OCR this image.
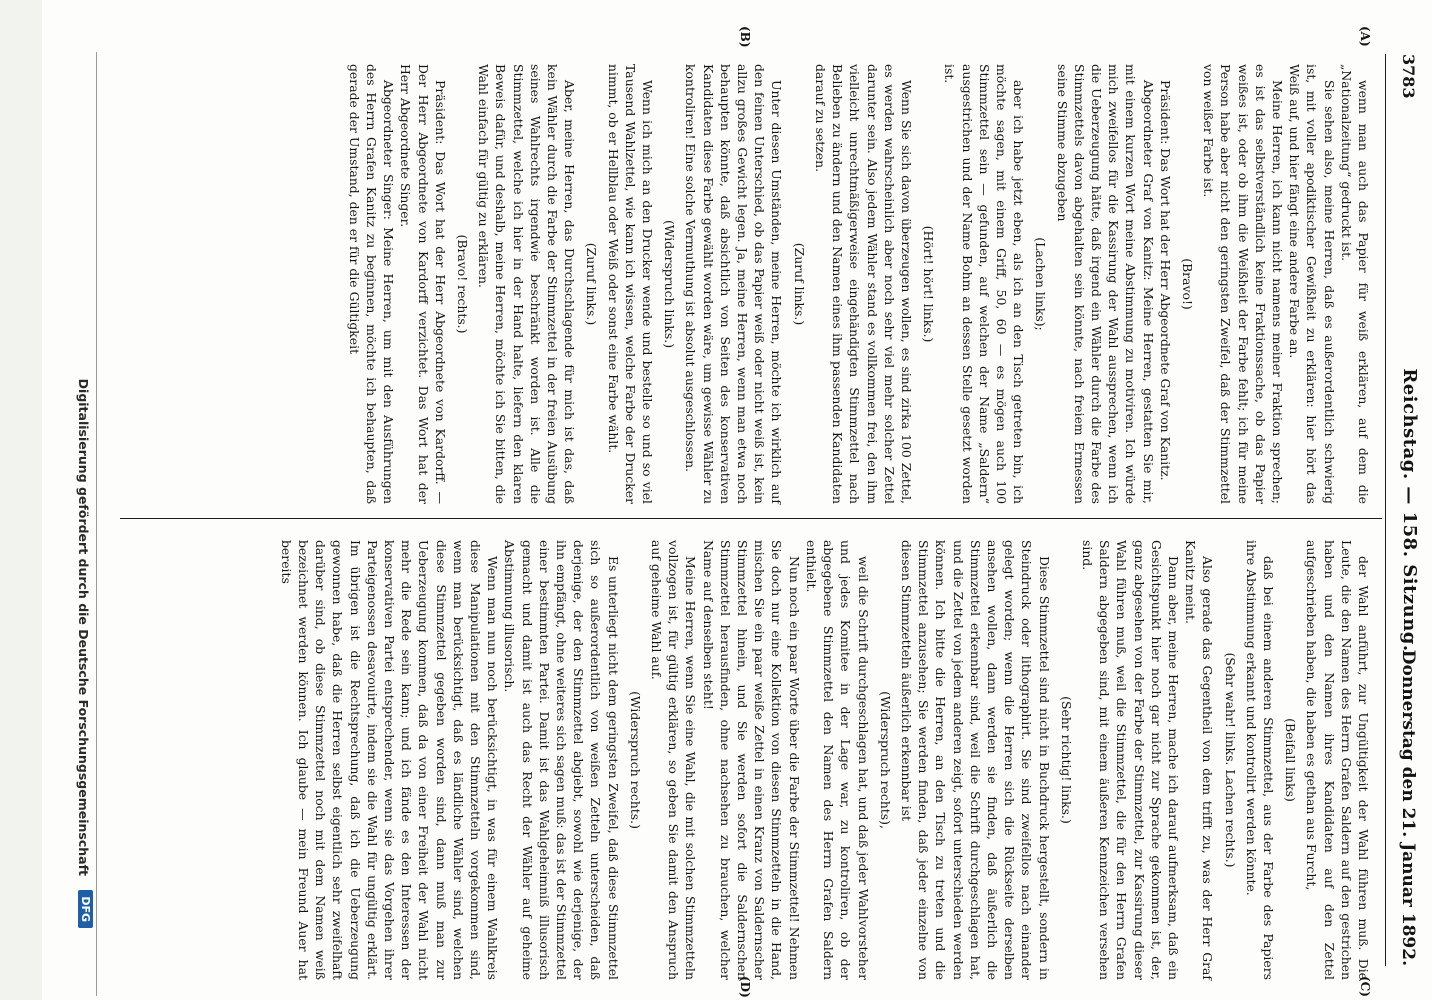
3783
Reichstag. — 158. Sitzung.
Donnerstag den 21. Januar 1892.
(A)
(B)
(C)
(D)

wenn man auch das Papier für weiß erklären, auf dem die „Nationalzeitung“ gedruckt ist.

Sie sehen also, meine Herren, daß es außerordentlich schwierig ist, mit voller apodiktischer Gewißheit zu erklären: hier hört das Weiß auf, und hier fängt eine andere Farbe an.

Meine Herren, ich kann nicht namens meiner Fraktion sprechen; es ist das selbstverständlich keine Fraktionssache, ob das Papier weißes ist, oder ob ihm die Weißheit der Farbe fehlt; ich für meine Person habe aber nicht den geringsten Zweifel, daß der Stimmzettel von weißer Farbe ist.

(Bravo!)

Präsident: Das Wort hat der Herr Abgeordnete Graf von Kanitz.

Abgeordneter Graf von Kanitz: Meine Herren, gestatten Sie mir, mit einem kurzen Wort meine Abstimmung zu motiviren. Ich würde mich zweifellos für die Kassirung der Wahl aussprechen, wenn ich die Ueberzeugung hätte, daß irgend ein Wähler durch die Farbe des Stimmzettels davon abgehalten sein könnte, nach freiem Ermessen seine Stimme abzugeben

(Lachen links);

aber ich habe jetzt eben, als ich an den Tisch getreten bin, ich möchte sagen, mit einem Griff, 50, 60 — es mögen auch 100 Stimmzettel sein — gefunden, auf welchen der Name „Saldern“ ausgestrichen und der Name Bohm an dessen Stelle gesetzt worden ist.

(Hört! hört! links.)

Wenn Sie sich davon überzeugen wollen, es sind zirka 100 Zettel, es werden wahrscheinlich aber noch sehr viel mehr solcher Zettel darunter sein. Also jedem Wähler stand es vollkommen frei, den ihm vielleicht unrechtmäßigerweise eingehändigten Stimmzettel nach Belieben zu ändern und den Namen eines ihm passenden Kandidaten darauf zu setzen.

(Zuruf links.)

Unter diesen Umständen, meine Herren, möchte ich wirklich auf den feinen Unterschied, ob das Papier weiß oder nicht weiß ist, kein allzu großes Gewicht legen. Ja, meine Herren, wenn man etwa noch behaupten könnte, daß absichtlich von Seiten des konservativen Kandidaten diese Farbe gewählt worden wäre, um gewisse Wähler zu kontroliren! Eine solche Vermuthung ist absolut ausgeschlossen.

(Widerspruch links.)

Wenn ich mich an den Drucker wende und bestelle so und so viel Tausend Wahlzettel, wie kann ich wissen, welche Farbe der Drucker nimmt, ob er Hellblau oder Weiß oder sonst eine Farbe wählt.

(Zuruf links.)

Aber, meine Herren, das Durchschlagende für mich ist das, daß kein Wähler durch die Farbe der Stimmzettel in der freien Ausübung seines Wahlrechts irgendwie beschränkt worden ist. Alle die Stimmzettel, welche ich hier in der Hand halte, liefern den klaren Beweis dafür, und deshalb, meine Herren, möchte ich Sie bitten, die Wahl einfach für gültig zu erklären.

(Bravo! rechts.)

Präsident: Das Wort hat der Herr Abgeordnete von Kardorff. — Der Herr Abgeordnete von Kardorff verzichtet. Das Wort hat der Herr Abgeordnete Singer.

Abgeordneter Singer: Meine Herren, um mit den Ausführungen des Herrn Grafen Kanitz zu beginnen, möchte ich behaupten, daß gerade der Umstand, den er für die Gültigkeit

der Wahl anführt, zur Ungültigkeit der Wahl führen muß. Die Leute, die den Namen des Herrn Grafen Saldern auf den gestrichen haben und den Namen ihres Kandidaten auf den Zettel aufgeschrieben haben, die haben es gethan aus Furcht,

(Beifall links)

daß bei einem anderen Stimmzettel, aus der Farbe des Papiers ihre Abstimmung erkannt und kontrolirt werden könnte.

(Sehr wahr! links. Lachen rechts.)

Also gerade das Gegentheil von dem trifft zu, was der Herr Graf Kanitz meint.

Dann aber, meine Herren, mache ich darauf aufmerksam, daß ein Gesichtspunkt hier noch gar nicht zur Sprache gekommen ist, der, ganz abgesehen von der Farbe der Stimmzettel, zur Kassirung dieser Wahl führen muß, weil die Stimmzettel, die für den Herrn Grafen Saldern abgegeben sind, mit einem äußeren Kennzeichen versehen sind.

(Sehr richtig! links.)

Diese Stimmzettel sind nicht in Buchdruck hergestellt, sondern in Steindruck oder lithographirt. Sie sind zweifellos nach einander gelegt worden; wenn die Herren sich die Rückseite derselben ansehen wollen, dann werden sie finden, daß äußerlich die Stimmzettel erkennbar sind, weil die Schrift durchgeschlagen hat, und die Zettel von jedem anderen zeigt, sofort unterschieden werden können. Ich bitte die Herren, an den Tisch zu treten und die Stimmzettel anzusehen; Sie werden finden, daß jeder einzelne von diesen Stimmzetteln äußerlich erkennbar ist

(Widerspruch rechts),

weil die Schrift durchgeschlagen hat, und daß jeder Wahlvorsteher und jedes Komitee in der Lage war, zu kontroliren, ob der abgegebene Stimmzettel den Namen des Herrn Grafen Saldern enthielt.

Nun noch ein paar Worte über die Farbe der Stimmzettel! Nehmen Sie doch nur eine Kollektion von diesen Stimmzetteln in die Hand, mischen Sie ein paar weiße Zettel in einen Kranz von Saldernscher Stimmzettel hinein, und Sie werden sofort die Saldernschen Stimmzettel herausfinden, ohne nachsehen zu brauchen, welcher Name auf denselben steht!

Meine Herren, wenn Sie eine Wahl, die mit solchen Stimmzetteln vollzogen ist, für gültig erklären, so geben Sie damit den Anspruch auf geheime Wahl auf.

(Widerspruch rechts.)

Es unterliegt nicht dem geringsten Zweifel, daß diese Stimmzettel sich so außerordentlich von weißen Zetteln unterscheiden, daß derjenige, der den Stimmzettel abgiebt, sowohl wie derjenige, der ihn empfängt, ohne weiteres sich sagen muß: das ist der Stimmzettel einer bestimmten Partei. Damit ist das Wahlgeheimniß illusorisch gemacht und damit ist auch das Recht der Wähler auf geheime Abstimmung illusorisch.

Wenn man nun noch berücksichtigt, in was für einem Wahlkreis diese Manipulationen mit den Stimmzetteln vorgekommen sind, wenn man berücksichtigt, daß es ländliche Wähler sind, welchen diese Stimmzettel gegeben worden sind, dann muß man zur Ueberzeugung kommen, daß da von einer Freiheit der Wahl nicht mehr die Rede sein kann; und ich fände es den Interessen der konservativen Partei entsprechender, wenn sie das Vorgehen ihrer Parteigenossen desavouirte, indem sie die Wahl für ungültig erklärt. Im übrigen ist die Rechtsprechung, daß ich die Ueberzeugung gewonnen habe, daß die Herren selbst eigentlich sehr zweifelhaft darüber sind, ob diese Stimmzettel noch mit dem Namen weiß bezeichnet werden können. Ich glaube — mein Freund Auer hat bereits

Digitalisierung gefördert durch die Deutsche Forschungsgemeinschaft
DFG
